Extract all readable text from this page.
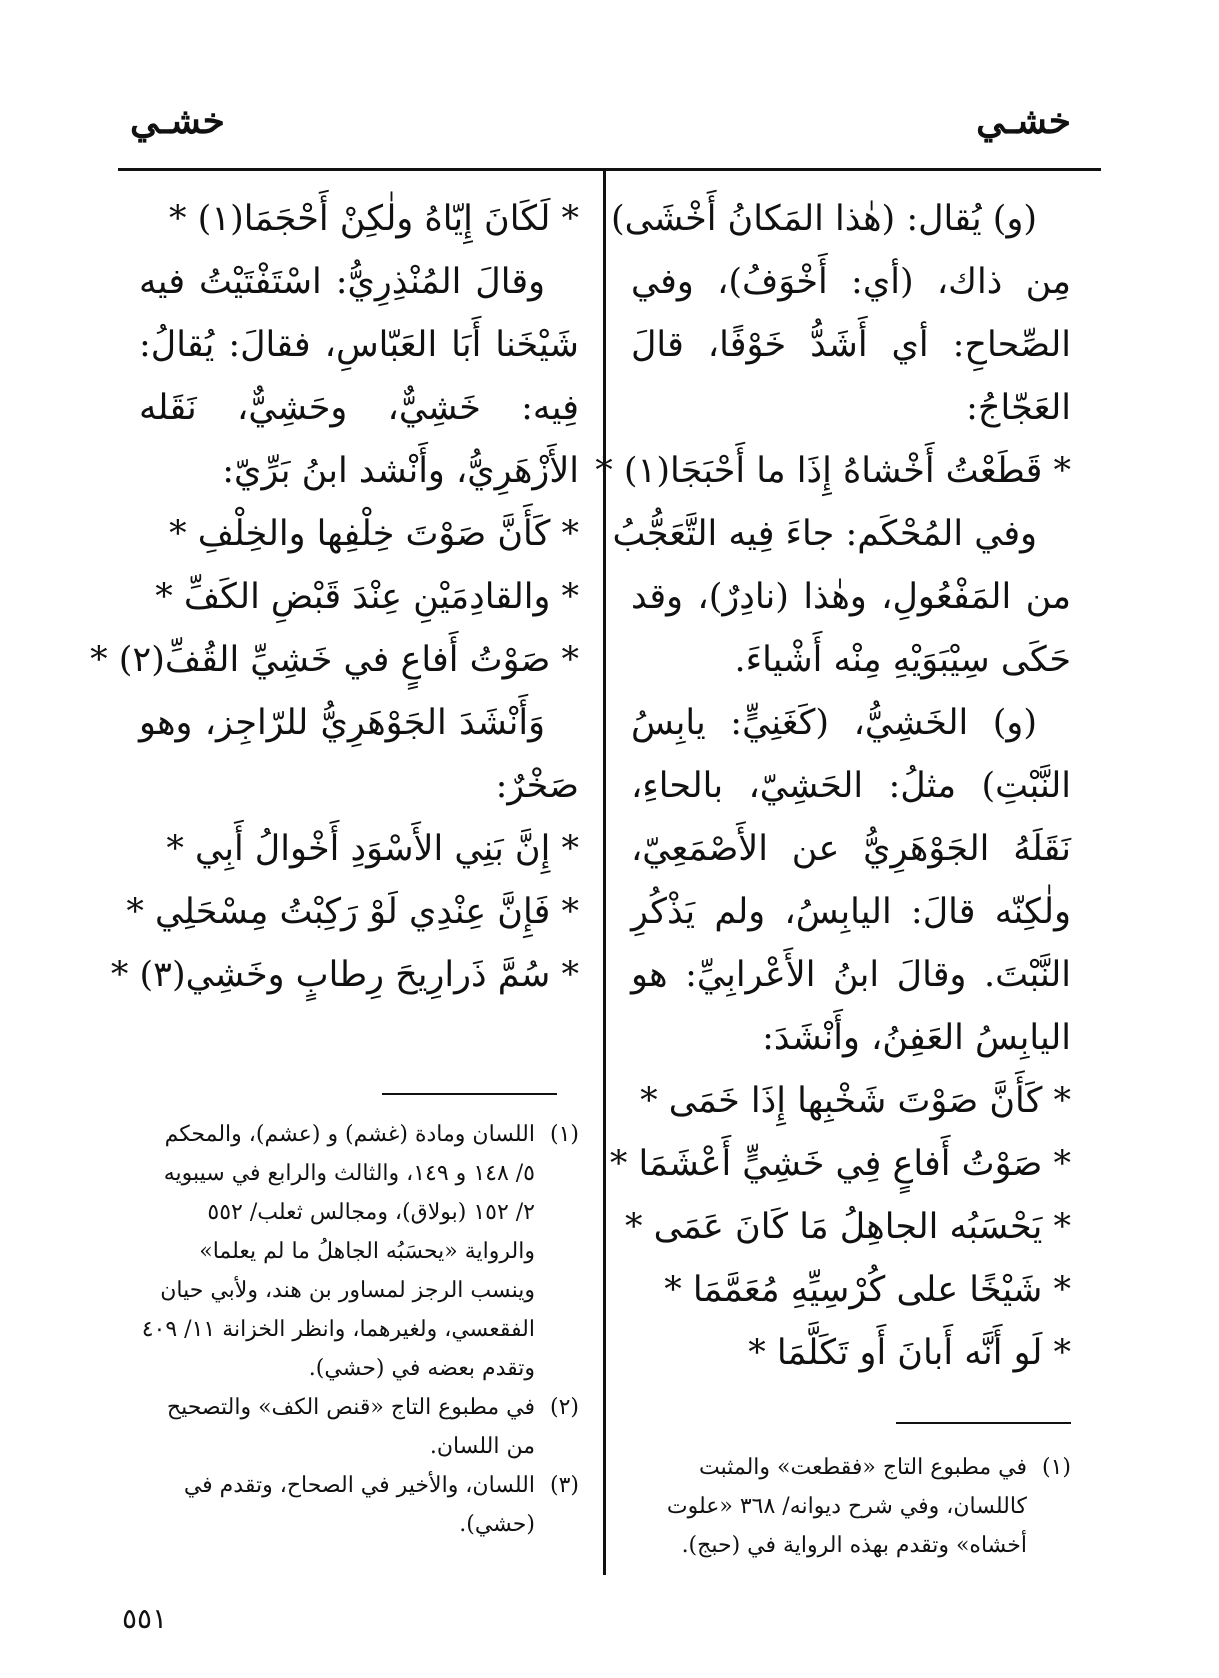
خشـي
خشـي
(و) يُقال: (هٰذا المَكانُ أَخْشَى)
مِن ذاك، (أي: أَخْوَفُ)، وفي
الصِّحاحِ: أي أَشَدُّ خَوْفًا، قالَ
العَجّاجُ:
* قَطَعْتُ أَخْشاهُ إِذَا ما أَحْبَجَا(١) *
وفي المُحْكَم: جاءَ فِيه التَّعَجُّبُ
من المَفْعُولِ، وهٰذا (نادِرٌ)، وقد
حَكَى سِيْبَوَيْهِ مِنْه أَشْياءَ.
(و) الخَشِيُّ، (كَغَنِيٍّ: يابِسُ
النَّبْتِ) مثلُ: الحَشِيّ، بالحاءِ،
نَقَلَهُ الجَوْهَرِيُّ عن الأَصْمَعِيّ،
ولٰكِنّه قالَ: اليابِسُ، ولم يَذْكُرِ
النَّبْتَ. وقالَ ابنُ الأَعْرابِيِّ: هو
اليابِسُ العَفِنُ، وأَنْشَدَ:
* كَأَنَّ صَوْتَ شَخْبِها إِذَا خَمَى *
* صَوْتُ أَفاعٍ فِي خَشِيٍّ أَعْشَمَا *
* يَحْسَبُه الجاهِلُ مَا كَانَ عَمَى *
* شَيْخًا على كُرْسِيِّهِ مُعَمَّمَا *
* لَو أَنَّه أَبانَ أَو تَكَلَّمَا *
* لَكَانَ إِيّاهُ ولٰكِنْ أَحْجَمَا(١) *
وقالَ المُنْذِرِيُّ: اسْتَفْتَيْتُ فيه
شَيْخَنا أَبَا العَبّاسِ، فقالَ: يُقالُ:
فِيه: خَشِيٌّ، وحَشِيٌّ، نَقَله
الأَزْهَرِيُّ، وأَنْشد ابنُ بَرِّيّ:
* كَأَنَّ صَوْتَ خِلْفِها والخِلْفِ *
* والقادِمَيْنِ عِنْدَ قَبْضِ الكَفِّ *
* صَوْتُ أَفاعٍ في خَشِيِّ القُفِّ(٢) *
وَأَنْشَدَ الجَوْهَرِيُّ للرّاجِز، وهو
صَخْرٌ:
* إِنَّ بَنِي الأَسْوَدِ أَخْوالُ أَبِي *
* فَإِنَّ عِنْدِي لَوْ رَكِبْتُ مِسْحَلِي *
* سُمَّ ذَرارِيحَ رِطابٍ وخَشِي(٣) *
(١)
اللسان ومادة (غشم) و (عشم)، والمحكم ٥/ ١٤٨ و ١٤٩، والثالث والرابع في سيبويه ٢/ ١٥٢ (بولاق)، ومجالس ثعلب/ ٥٥٢ والرواية «يحسَبُه الجاهلُ ما لم يعلما» وينسب الرجز لمساور بن هند، ولأبي حيان الفقعسي، ولغيرهما، وانظر الخزانة ١١/ ٤٠٩ وتقدم بعضه في (حشي).
(٢)
في مطبوع التاج «قنص الكف» والتصحيح من اللسان.
(٣)
اللسان، والأخير في الصحاح، وتقدم في (حشي).
(١)
في مطبوع التاج «فقطعت» والمثبت كاللسان، وفي شرح ديوانه/ ٣٦٨ «علوت أخشاه» وتقدم بهذه الرواية في (حبج).
٥٥١
